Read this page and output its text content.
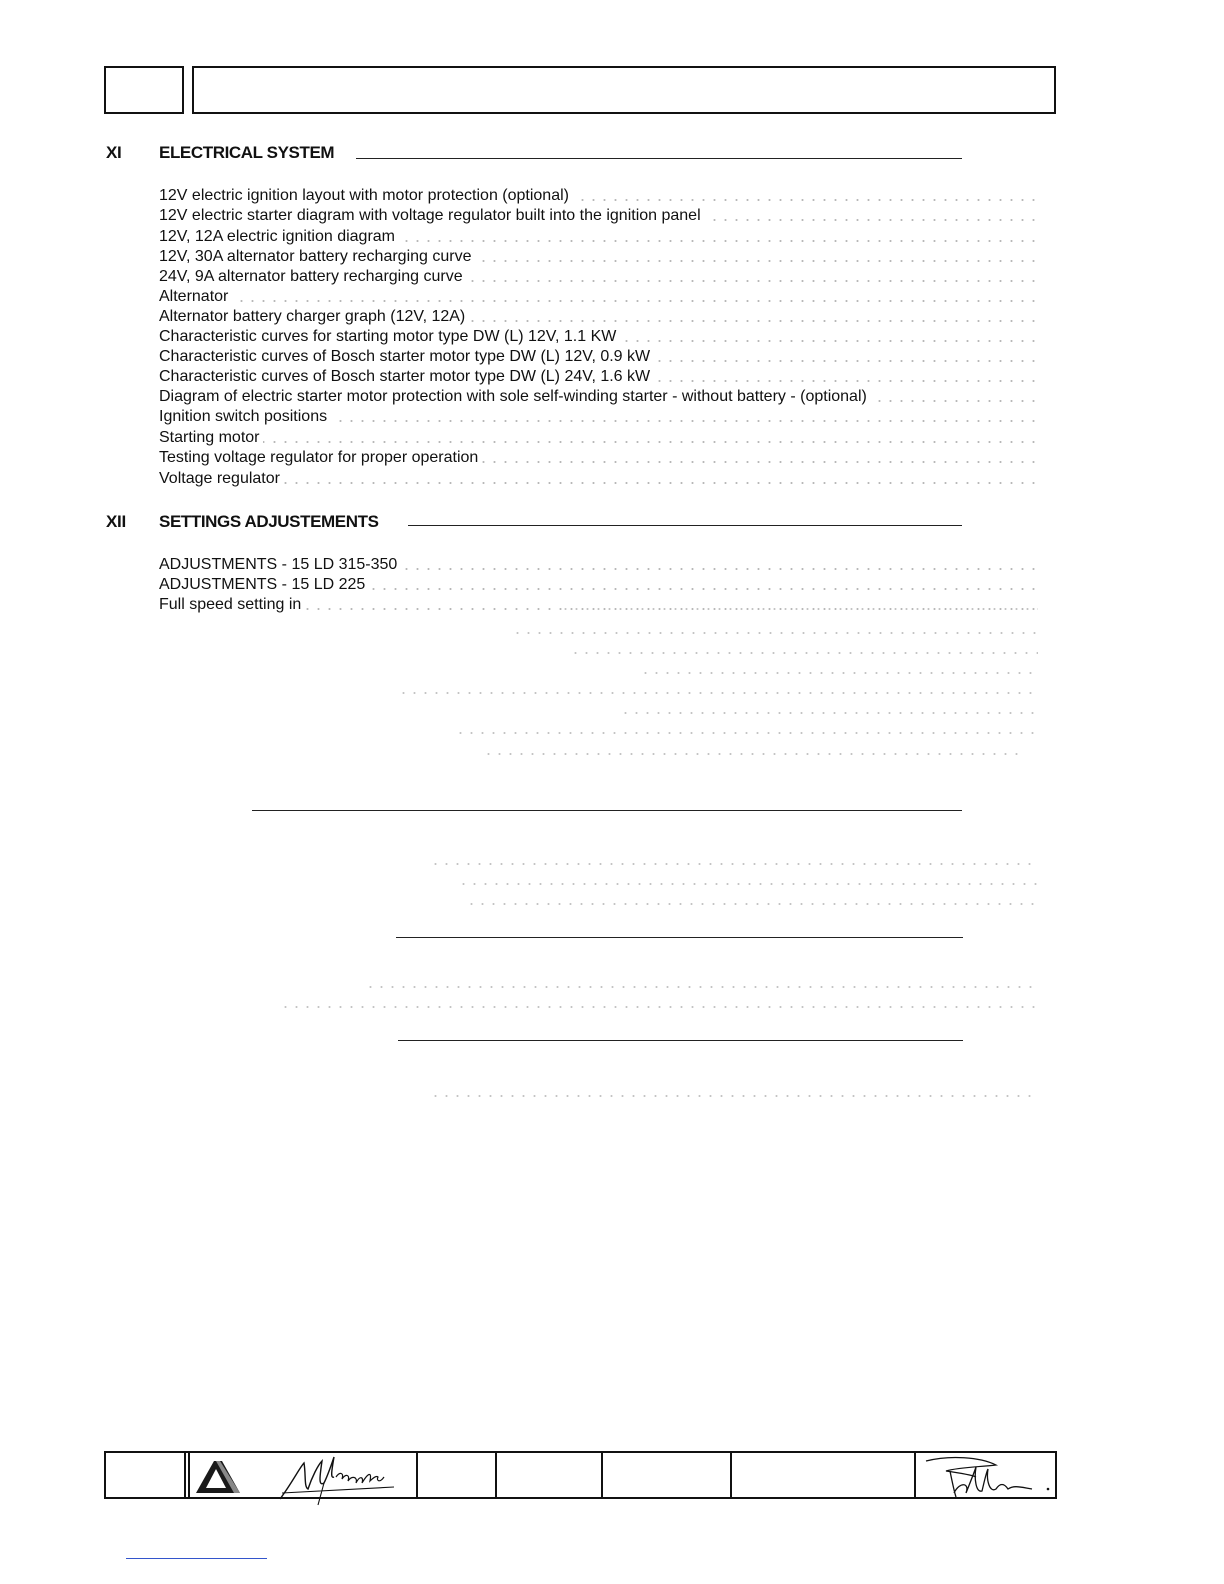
XI ELECTRICAL SYSTEM
12V electric ignition layout with motor protection (optional)
12V electric starter diagram with voltage regulator built into the ignition panel
12V, 12A electric ignition diagram
12V, 30A alternator battery recharging curve
24V, 9A alternator battery recharging curve
Alternator
Alternator battery charger graph (12V, 12A)
Characteristic curves for starting motor type DW (L) 12V, 1.1 KW
Characteristic curves of Bosch starter motor type DW (L) 12V, 0.9 kW
Characteristic curves of Bosch starter motor type DW (L) 24V, 1.6 kW
Diagram of electric starter motor protection with sole self-winding starter - without battery - (optional)
Ignition switch positions
Starting motor
Testing voltage regulator for proper operation
Voltage regulator
XII SETTINGS ADJUSTEMENTS
ADJUSTMENTS - 15 LD 315-350
ADJUSTMENTS - 15 LD 225
Full speed setting in
